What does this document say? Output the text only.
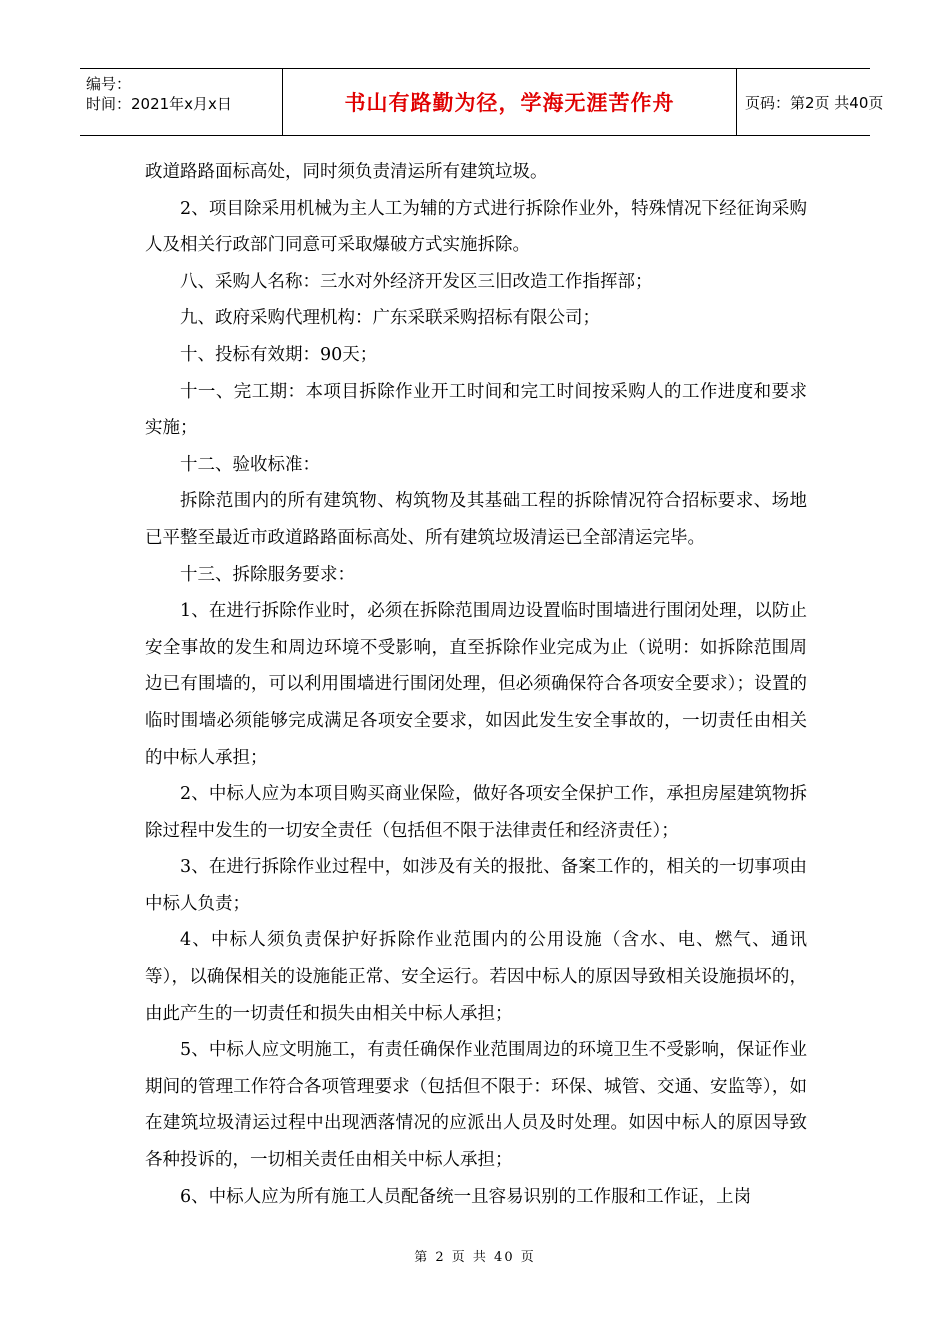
编号：
时间：2021年x月x日	书山有路勤为径，学海无涯苦作舟	页码：第2页 共40页

政道路路面标高处，同时须负责清运所有建筑垃圾。

2、项目除采用机械为主人工为辅的方式进行拆除作业外，特殊情况下经征询采购人及相关行政部门同意可采取爆破方式实施拆除。

八、采购人名称：三水对外经济开发区三旧改造工作指挥部；

九、政府采购代理机构：广东采联采购招标有限公司；

十、投标有效期：90天；

十一、完工期：本项目拆除作业开工时间和完工时间按采购人的工作进度和要求实施；

十二、验收标准：

拆除范围内的所有建筑物、构筑物及其基础工程的拆除情况符合招标要求、场地已平整至最近市政道路路面标高处、所有建筑垃圾清运已全部清运完毕。

十三、拆除服务要求：

1、在进行拆除作业时，必须在拆除范围周边设置临时围墙进行围闭处理，以防止安全事故的发生和周边环境不受影响，直至拆除作业完成为止（说明：如拆除范围周边已有围墙的，可以利用围墙进行围闭处理，但必须确保符合各项安全要求）；设置的临时围墙必须能够完成满足各项安全要求，如因此发生安全事故的，一切责任由相关的中标人承担；

2、中标人应为本项目购买商业保险，做好各项安全保护工作，承担房屋建筑物拆除过程中发生的一切安全责任（包括但不限于法律责任和经济责任）；

3、在进行拆除作业过程中，如涉及有关的报批、备案工作的，相关的一切事项由中标人负责；

4、中标人须负责保护好拆除作业范围内的公用设施（含水、电、燃气、通讯等），以确保相关的设施能正常、安全运行。若因中标人的原因导致相关设施损坏的，由此产生的一切责任和损失由相关中标人承担；

5、中标人应文明施工，有责任确保作业范围周边的环境卫生不受影响，保证作业期间的管理工作符合各项管理要求（包括但不限于：环保、城管、交通、安监等），如在建筑垃圾清运过程中出现洒落情况的应派出人员及时处理。如因中标人的原因导致各种投诉的，一切相关责任由相关中标人承担；

6、中标人应为所有施工人员配备统一且容易识别的工作服和工作证，上岗

第 2 页 共 40 页
